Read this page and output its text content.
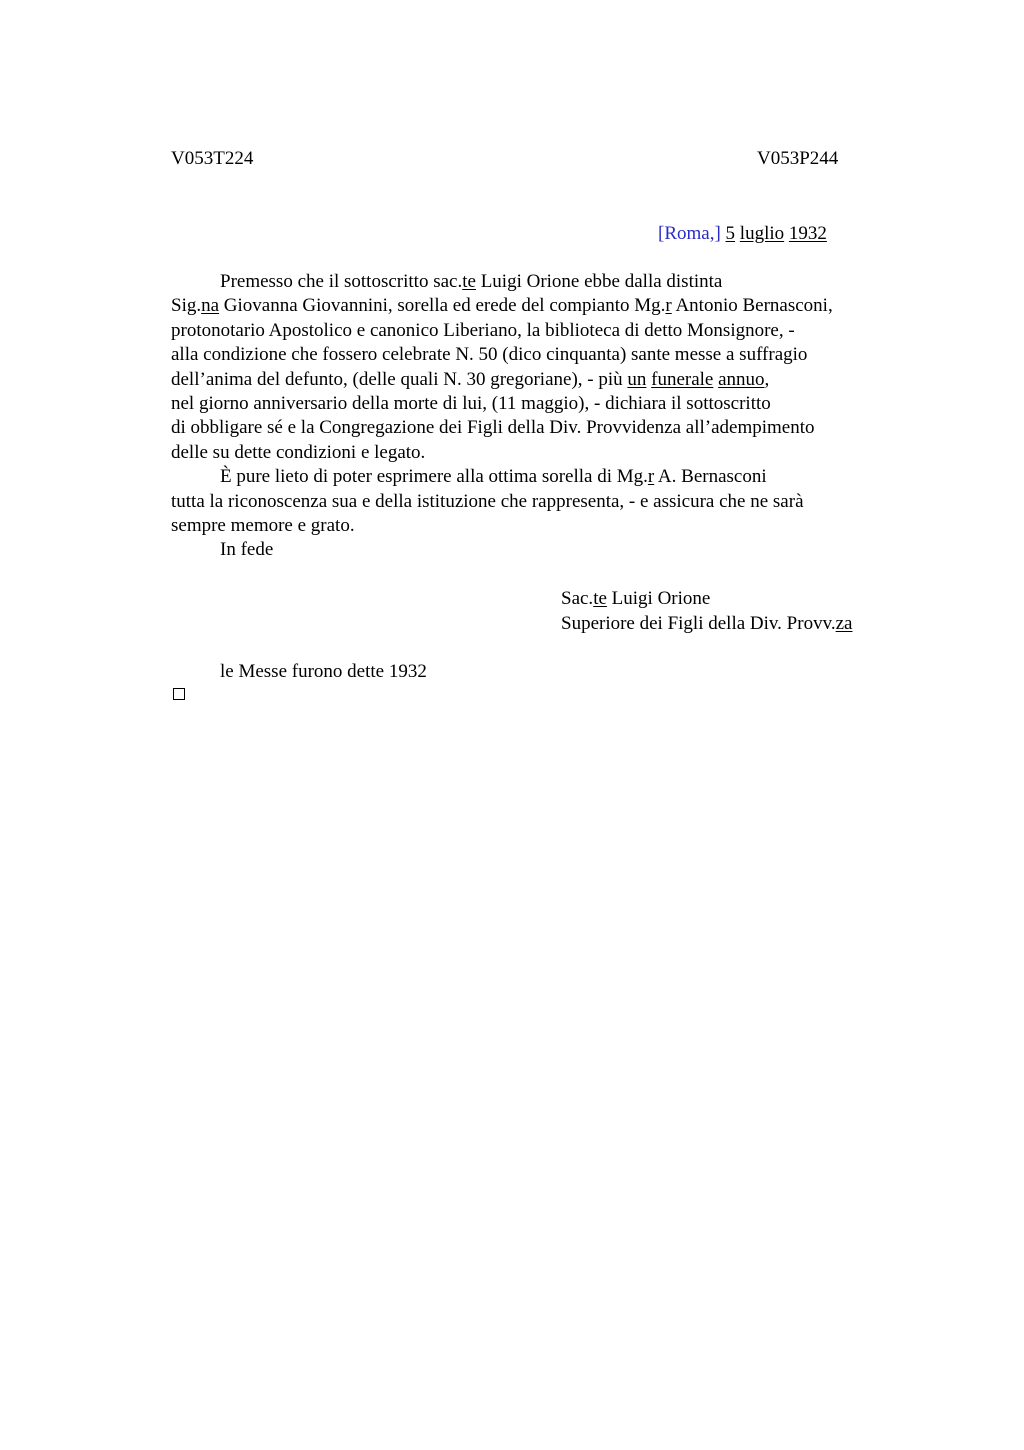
V053T224	V053P244
[Roma,] 5 luglio 1932
Premesso che il sottoscritto sac.te Luigi Orione ebbe dalla distinta
Sig.na Giovanna Giovannini, sorella ed erede del compianto Mg.r Antonio Bernasconi,
protonotario Apostolico e canonico Liberiano, la biblioteca di detto Monsignore, -
alla condizione che fossero celebrate N. 50 (dico cinquanta) sante messe a suffragio
dell’anima del defunto, (delle quali N. 30 gregoriane), - più un funerale annuo,
nel giorno anniversario della morte di lui, (11 maggio), - dichiara il sottoscritto
di obbligare sé e la Congregazione dei Figli della Div. Provvidenza all’adempimento
delle su dette condizioni e legato.
È pure lieto di poter esprimere alla ottima sorella di Mg.r A. Bernasconi
tutta la riconoscenza sua e della istituzione che rappresenta, - e assicura che ne sarà
sempre memore e grato.
In fede
Sac.te Luigi Orione
Superiore dei Figli della Div. Provv.za
le Messe furono dette 1932
